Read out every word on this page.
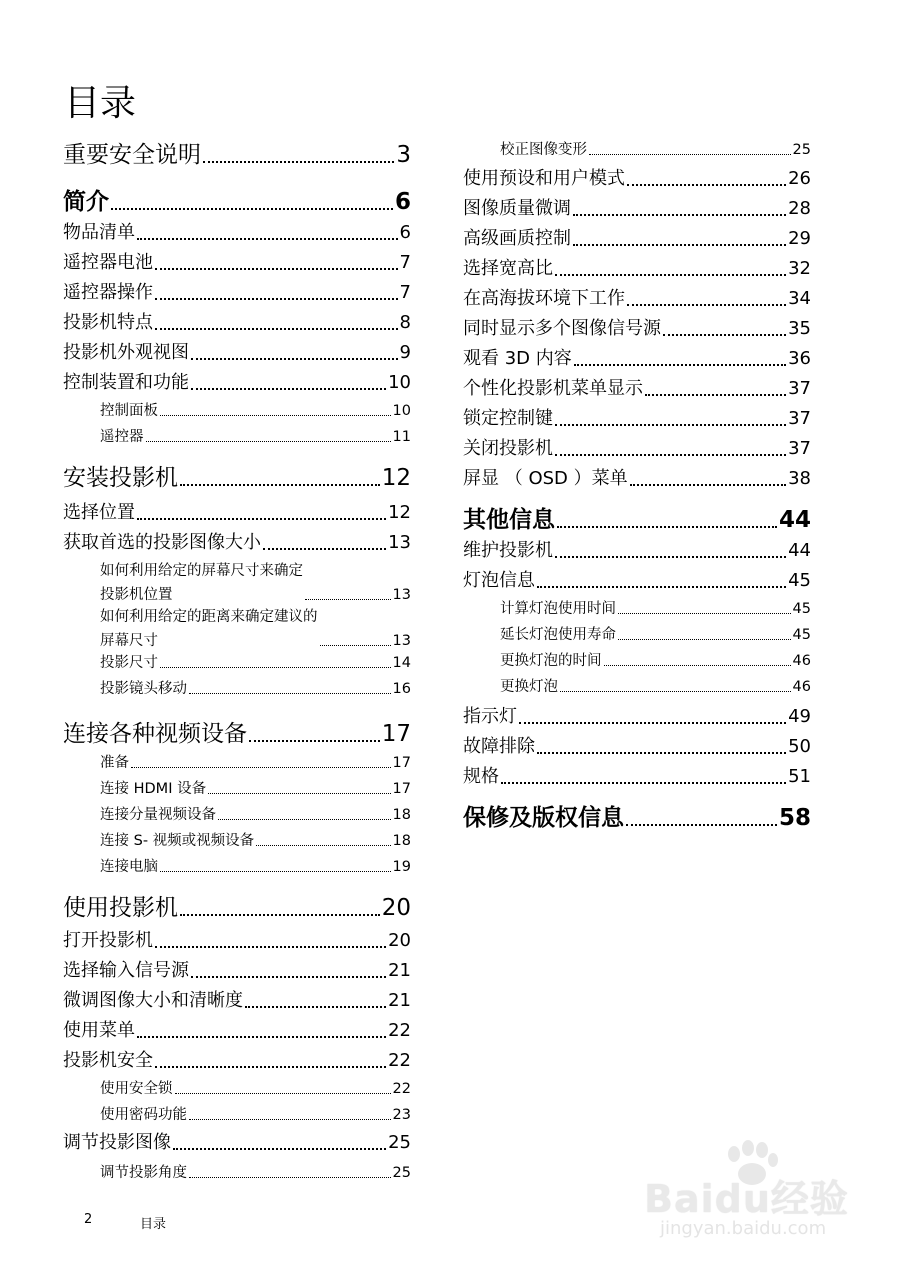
目录
重要安全说明	3
简介	6
物品清单	6
遥控器电池	7
遥控器操作	7
投影机特点	8
投影机外观视图	9
控制装置和功能	10
控制面板	10
遥控器	11
安装投影机	12
选择位置	12
获取首选的投影图像大小	13
如何利用给定的屏幕尺寸来确定
投影机位置	13
如何利用给定的距离来确定建议的
屏幕尺寸	13
投影尺寸	14
投影镜头移动	16
连接各种视频设备	17
准备	17
连接 HDMI 设备	17
连接分量视频设备	18
连接 S- 视频或视频设备	18
连接电脑	19
使用投影机	20
打开投影机	20
选择输入信号源	21
微调图像大小和清晰度	21
使用菜单	22
投影机安全	22
使用安全锁	22
使用密码功能	23
调节投影图像	25
调节投影角度	25
校正图像变形	25
使用预设和用户模式	26
图像质量微调	28
高级画质控制	29
选择宽高比	32
在高海拔环境下工作	34
同时显示多个图像信号源	35
观看 3D 内容	36
个性化投影机菜单显示	37
锁定控制键	37
关闭投影机	37
屏显 （ OSD ）菜单	38
其他信息	44
维护投影机	44
灯泡信息	45
计算灯泡使用时间	45
延长灯泡使用寿命	45
更换灯泡的时间	46
更换灯泡	46
指示灯	49
故障排除	50
规格	51
保修及版权信息	58
2	目录
Baidu经验
jingyan.baidu.com
